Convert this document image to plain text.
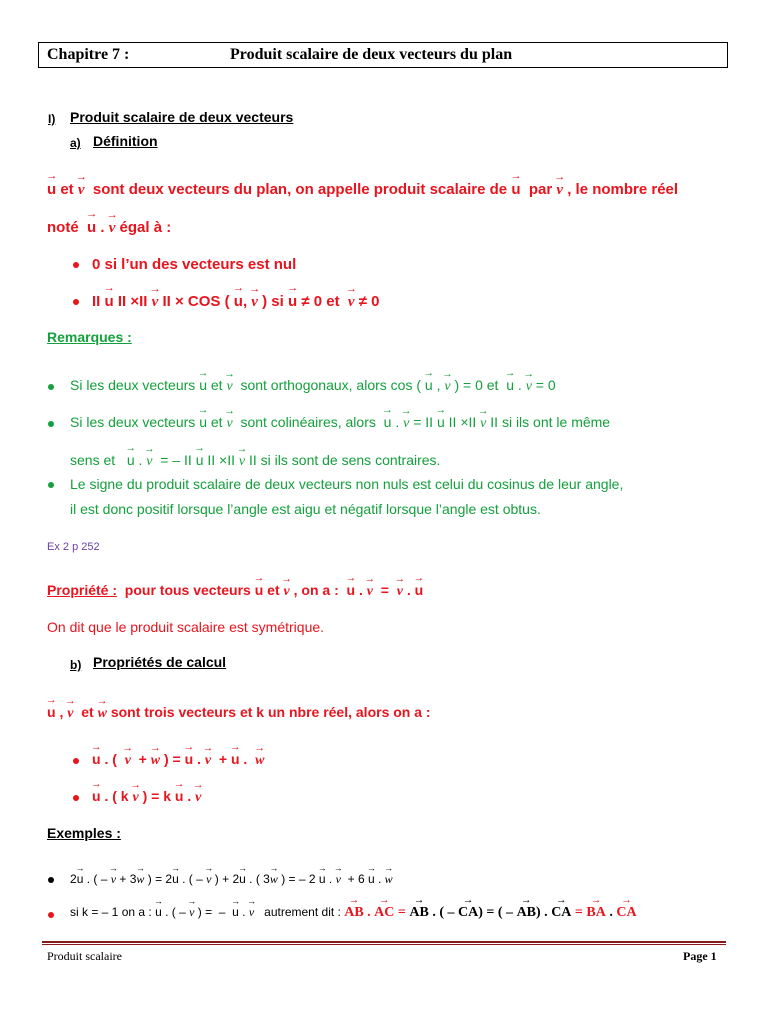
Chapitre 7 :	Produit scalaire de deux vecteurs du plan
I) Produit scalaire de deux vecteurs
a) Définition
→ u et → v sont deux vecteurs du plan, on appelle produit scalaire de → u par → v , le nombre réel
noté → u . → v égal à :
0 si l’un des vecteurs est nul
II → u II ×II → v II × COS ( → u, → v ) si → u ≠ 0 et → v ≠ 0
Remarques :
Si les deux vecteurs → u et → v sont orthogonaux, alors cos ( → u , → v ) = 0 et → u . → v = 0
Si les deux vecteurs → u et → v sont colinéaires, alors → u . → v = II → u II ×II → v II si ils ont le même
sens et → u . → v = – II → u II ×II → v II si ils sont de sens contraires.
Le signe du produit scalaire de deux vecteurs non nuls est celui du cosinus de leur angle,
il est donc positif lorsque l’angle est aigu et négatif lorsque l’angle est obtus.
Ex 2 p 252
Propriété : pour tous vecteurs → u et → v , on a : → u . → v = → v . → u
On dit que le produit scalaire est symétrique.
b) Propriétés de calcul
→ u , → v et → w sont trois vecteurs et k un nbre réel, alors on a :
→ u . (  → v  + → w ) = → u . → v  + → u .  → w
→ u . ( k → v ) = k → u . → v
Exemples :
2→ u . ( – → v + 3→ w ) = 2→ u . ( – → v ) + 2→ u . ( 3→ w ) = – 2 → u . → v  + 6 → u . → w
si k = – 1 on a : → u . ( – → v ) =  –  → u . → v autrement dit : → AB . → AC = → AB . ( – → CA) = ( – → AB) . → CA = → BA . → CA
Produit scalaire	Page 1
